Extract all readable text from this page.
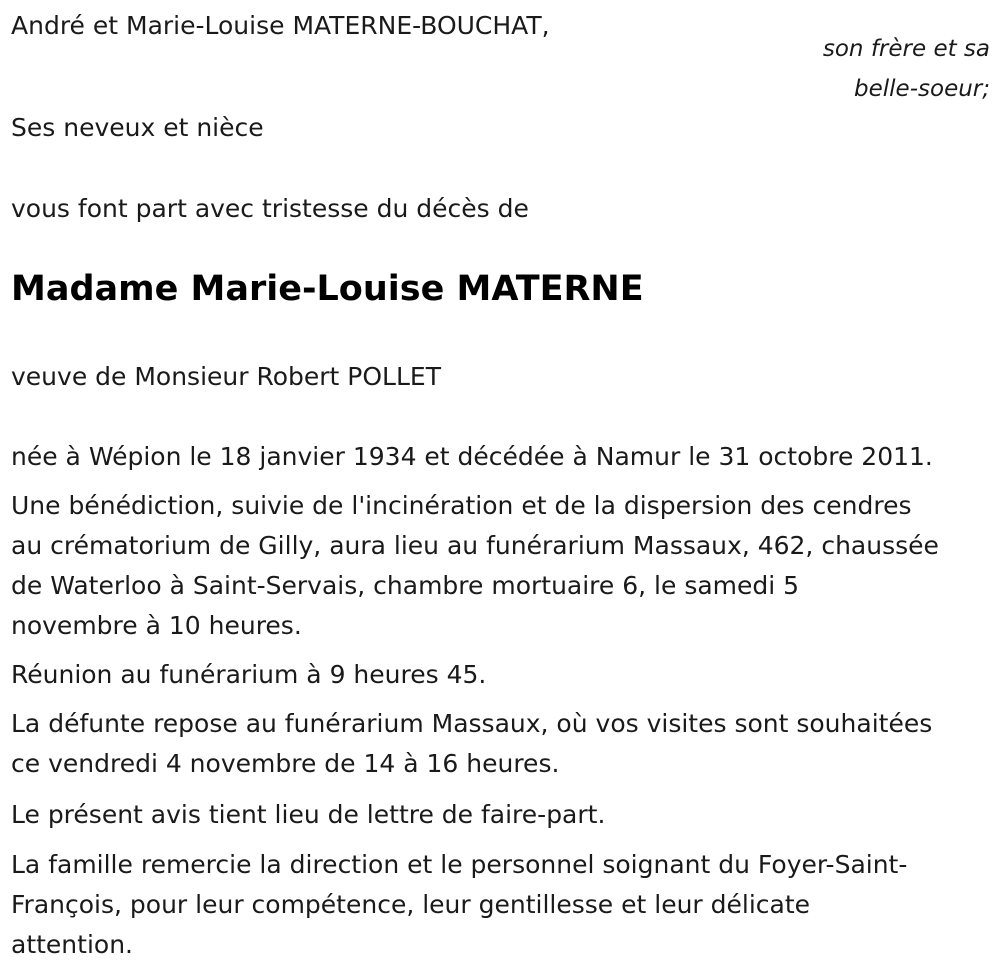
André et Marie-Louise MATERNE-BOUCHAT,

son frère et sa

belle-soeur;

Ses neveux et nièce

vous font part avec tristesse du décès de

Madame Marie-Louise MATERNE

veuve de Monsieur Robert POLLET

née à Wépion le 18 janvier 1934 et décédée à Namur le 31 octobre 2011.

Une bénédiction, suivie de l'incinération et de la dispersion des cendres

au crématorium de Gilly, aura lieu au funérarium Massaux, 462, chaussée

de Waterloo à Saint-Servais, chambre mortuaire 6, le samedi 5

novembre à 10 heures.

Réunion au funérarium à 9 heures 45.

La défunte repose au funérarium Massaux, où vos visites sont souhaitées

ce vendredi 4 novembre de 14 à 16 heures.

Le présent avis tient lieu de lettre de faire-part.

La famille remercie la direction et le personnel soignant du Foyer-Saint-

François, pour leur compétence, leur gentillesse et leur délicate

attention.
